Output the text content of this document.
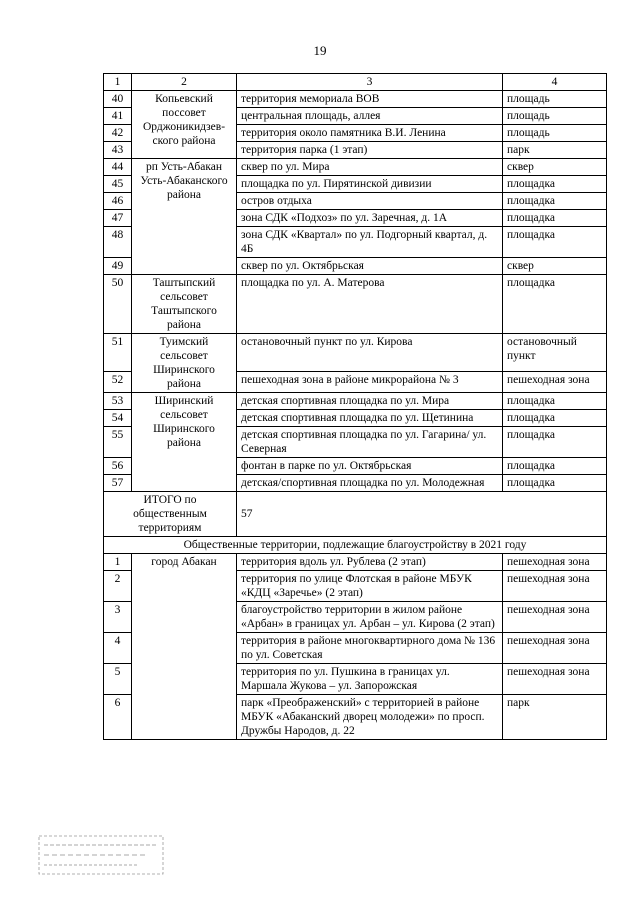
19
1	2	3	4
40	Копьевский поссовет Орджоникидзев-ского района	территория мемориала ВОВ	площадь
41		центральная площадь, аллея	площадь
42		территория около памятника В.И. Ленина	площадь
43		территория парка (1 этап)	парк
44	рп Усть-Абакан Усть-Абаканского района	сквер по ул. Мира	сквер
45		площадка по ул. Пирятинской дивизии	площадка
46		остров отдыха	площадка
47		зона СДК «Подхоз» по ул. Заречная, д. 1А	площадка
48		зона СДК «Квартал» по ул. Подгорный квартал, д. 4Б	площадка
49		сквер по ул. Октябрьская	сквер
50	Таштыпский сельсовет Таштыпского района	площадка по ул. А. Матерова	площадка
51	Туимский сельсовет Ширинского района	остановочный пункт по ул. Кирова	остановочный пункт
52		пешеходная зона в районе микрорайона № 3	пешеходная зона
53	Ширинский сельсовет Ширинского района	детская спортивная площадка по ул. Мира	площадка
54		детская спортивная площадка по ул. Щетинина	площадка
55		детская спортивная площадка по ул. Гагарина/ ул. Северная	площадка
56		фонтан в парке по ул. Октябрьская	площадка
57		детская/спортивная площадка по ул. Молодежная	площадка
ИТОГО по общественным территориям		57	
Общественные территории, подлежащие благоустройству в 2021 году			
1	город Абакан	территория вдоль ул. Рублева (2 этап)	пешеходная зона
2		территория по улице Флотская в районе МБУК «КДЦ «Заречье» (2 этап)	пешеходная зона
3		благоустройство территории в жилом районе «Арбан» в границах ул. Арбан – ул. Кирова (2 этап)	пешеходная зона
4		территория в районе многоквартирного дома № 136 по ул. Советская	пешеходная зона
5		территория по ул. Пушкина в границах ул. Маршала Жукова – ул. Запорожская	пешеходная зона
6		парк «Преображенский» с территорией в районе МБУК «Абаканский дворец молодежи» по просп. Дружбы Народов, д. 22	парк
